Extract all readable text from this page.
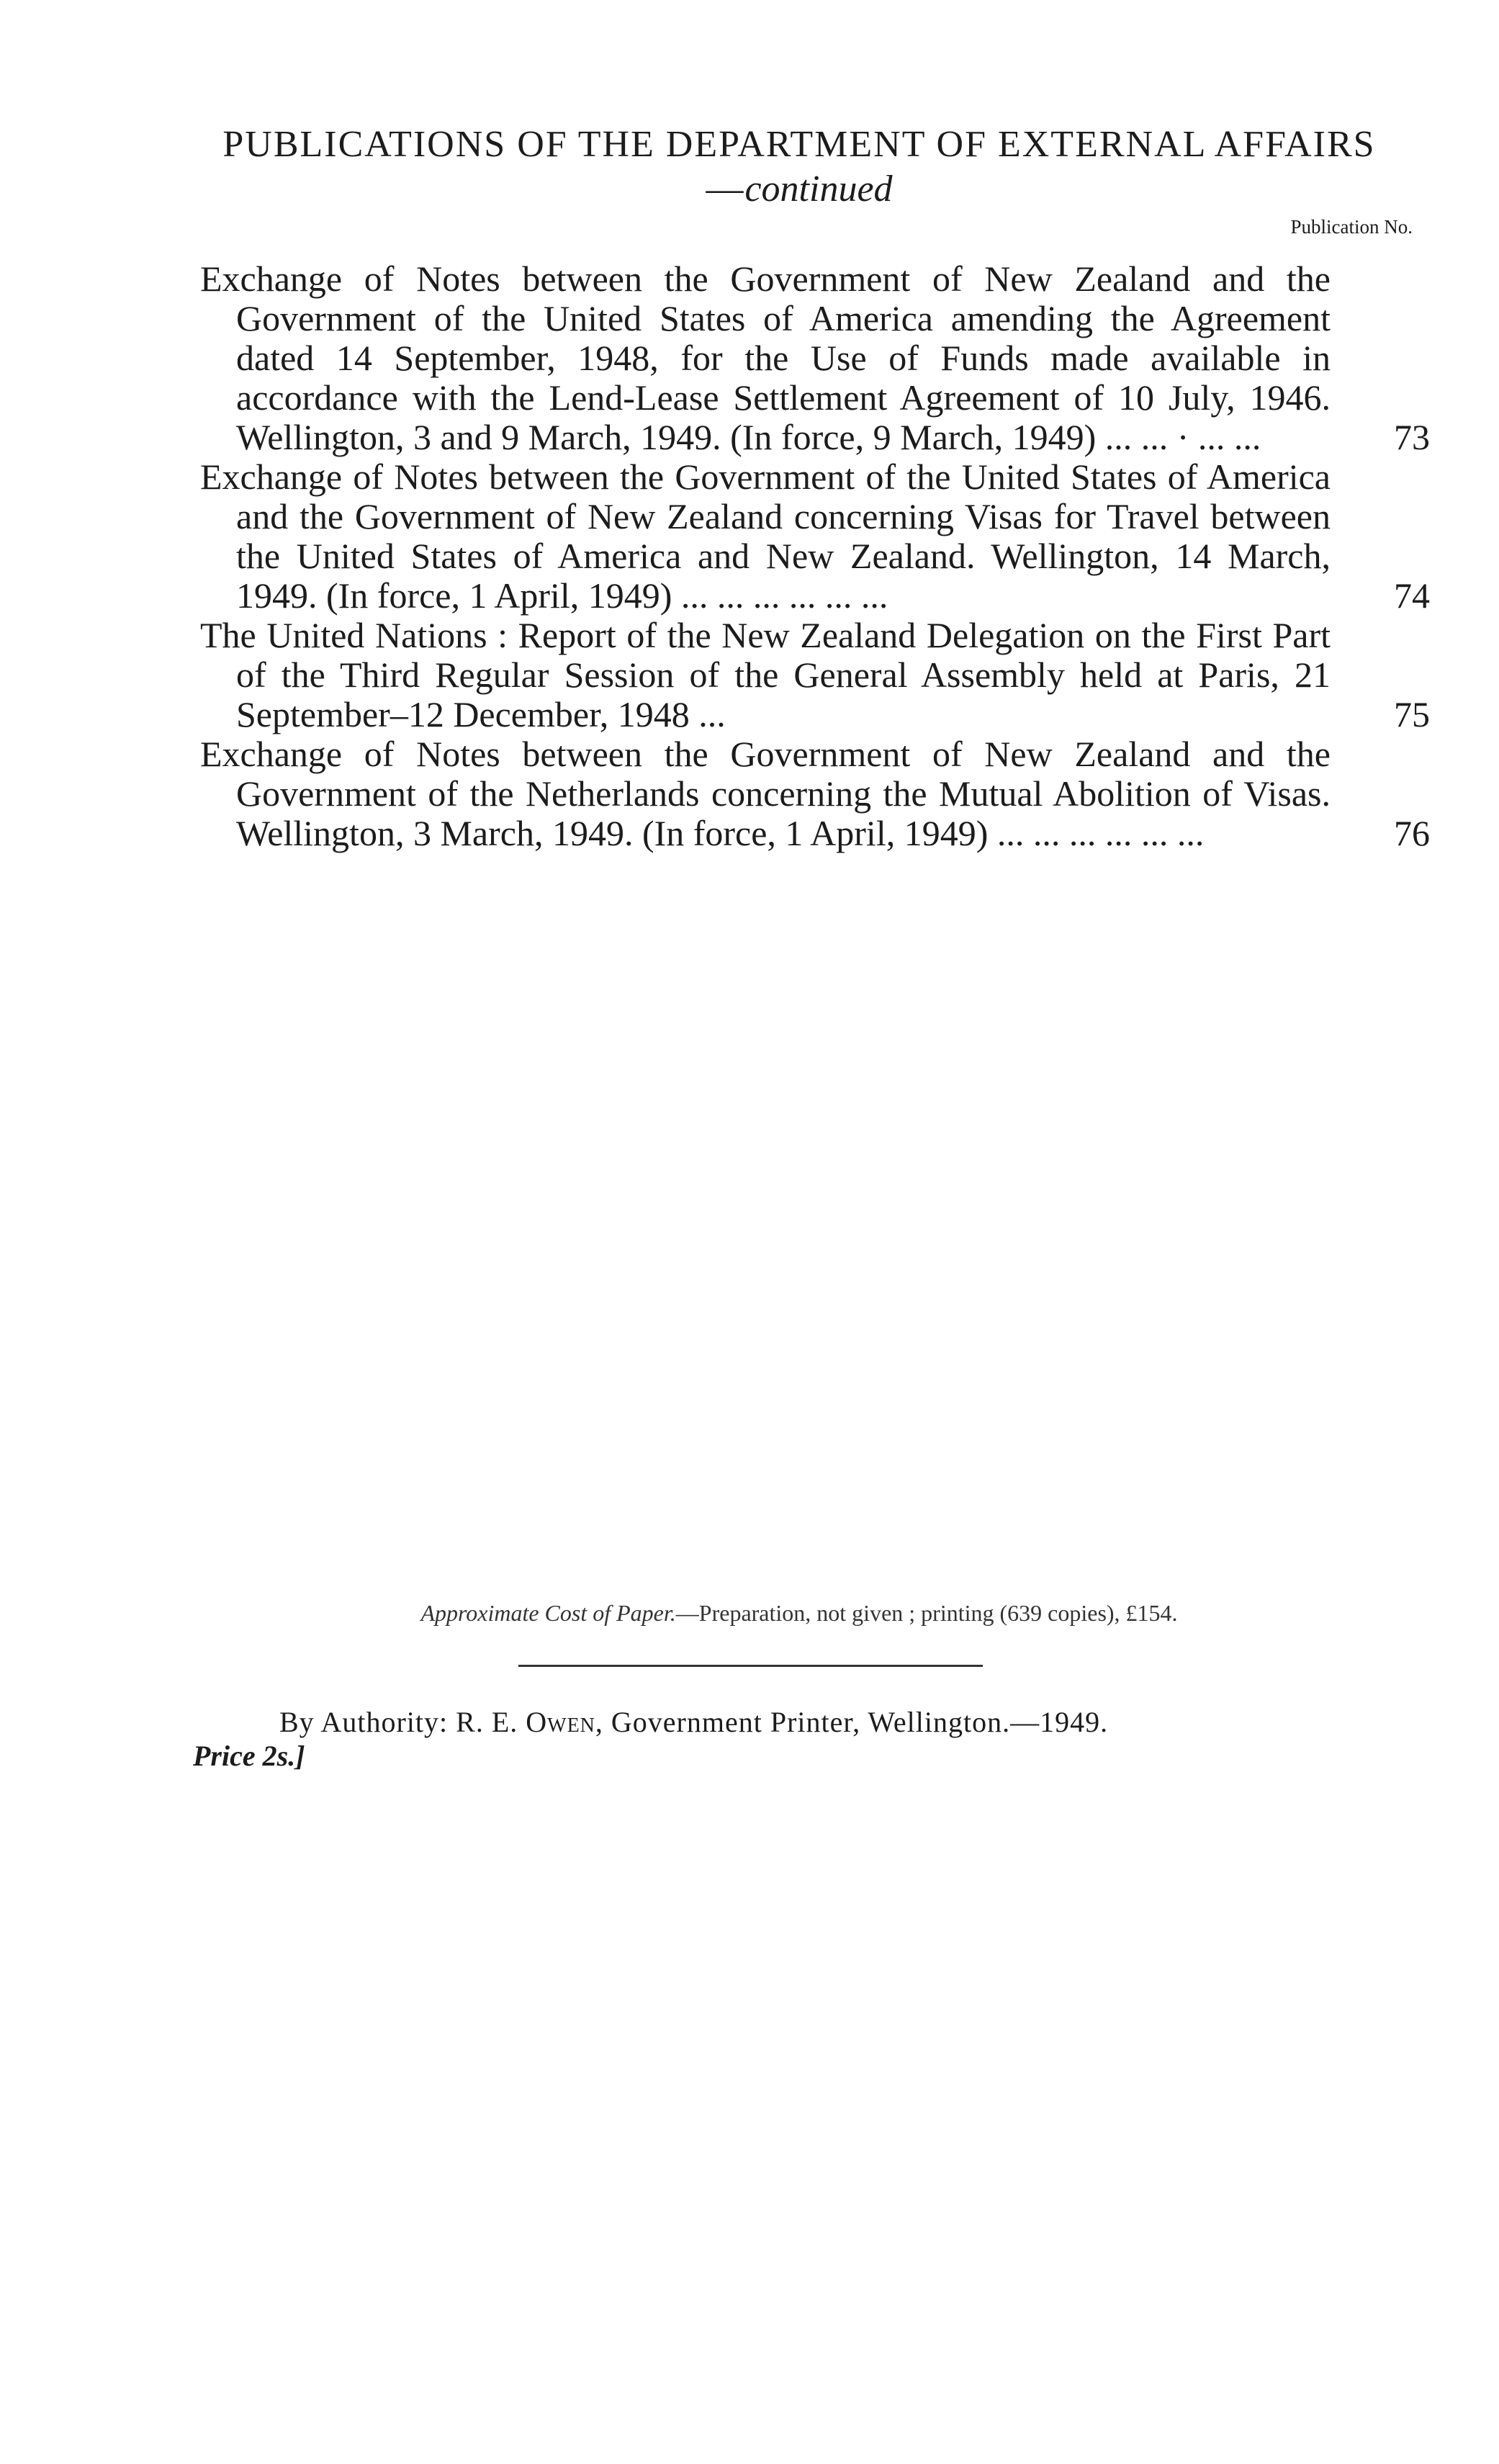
PUBLICATIONS OF THE DEPARTMENT OF EXTERNAL AFFAIRS—continued
Publication No.
Exchange of Notes between the Government of New Zealand and the Government of the United States of America amending the Agreement dated 14 September, 1948, for the Use of Funds made available in accordance with the Lend-Lease Settlement Agreement of 10 July, 1946. Wellington, 3 and 9 March, 1949. (In force, 9 March, 1949) ... ... · ... ...	73
Exchange of Notes between the Government of the United States of America and the Government of New Zealand concerning Visas for Travel between the United States of America and New Zealand. Wellington, 14 March, 1949. (In force, 1 April, 1949) ... ... ... ... ... ...	74
The United Nations : Report of the New Zealand Delegation on the First Part of the Third Regular Session of the General Assembly held at Paris, 21 September–12 December, 1948 ...	75
Exchange of Notes between the Government of New Zealand and the Government of the Netherlands concerning the Mutual Abolition of Visas. Wellington, 3 March, 1949. (In force, 1 April, 1949) ... ... ... ... ... ...	76
Approximate Cost of Paper.—Preparation, not given ; printing (639 copies), £154.
By Authority: R. E. Owen, Government Printer, Wellington.—1949.
Price 2s.]
